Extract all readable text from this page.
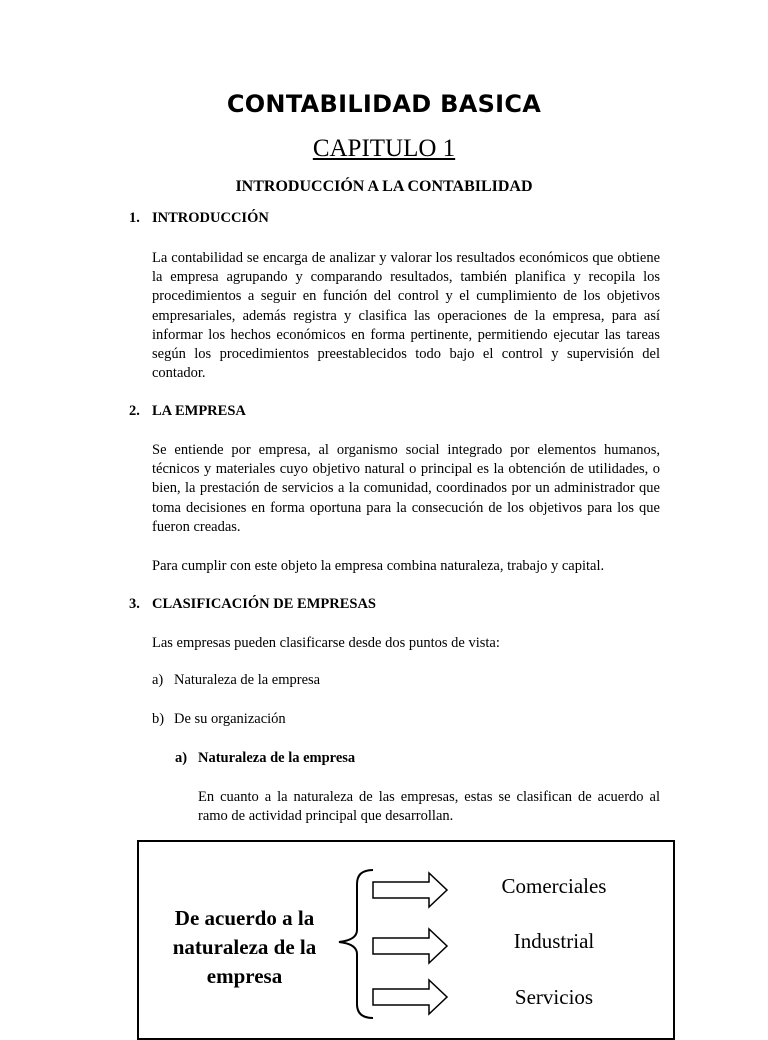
CONTABILIDAD BASICA
CAPITULO 1
INTRODUCCIÓN A LA CONTABILIDAD
1. INTRODUCCIÓN
La contabilidad se encarga de analizar y valorar los resultados económicos que obtiene la empresa agrupando y comparando resultados, también planifica y recopila los procedimientos a seguir en función del control y el cumplimiento de los objetivos empresariales, además registra y clasifica las operaciones de la empresa, para así informar los hechos económicos en forma pertinente, permitiendo ejecutar las tareas según los procedimientos preestablecidos todo bajo el control y supervisión del contador.
2. LA EMPRESA
Se entiende por empresa, al organismo social integrado por elementos humanos, técnicos y materiales cuyo objetivo natural o principal es la obtención de utilidades, o bien, la prestación de servicios a la comunidad, coordinados por un administrador que toma decisiones en forma oportuna para la consecución de los objetivos para los que fueron creadas.
Para cumplir con este objeto la empresa combina naturaleza, trabajo y capital.
3. CLASIFICACIÓN DE EMPRESAS
Las empresas pueden clasificarse desde dos puntos de vista:
a) Naturaleza de la empresa
b) De su organización
a) Naturaleza de la empresa
En cuanto a la naturaleza de las empresas, estas se clasifican de acuerdo al ramo de actividad principal que desarrollan.
De acuerdo a la
naturaleza de la
empresa
Comerciales
Industrial
Servicios
